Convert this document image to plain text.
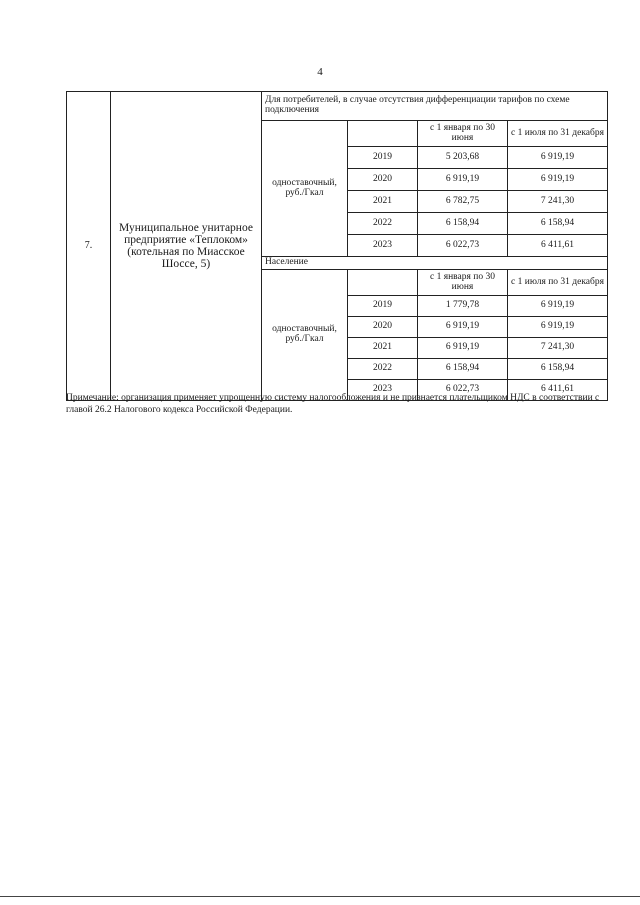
4
7.	Муниципальное унитарное предприятие «Теплоком» (котельная по Миасское Шоссе, 5)	Для потребителей, в случае отсутствия дифференциации тарифов по схеме подключения			
		одноставочный, руб./Гкал		с 1 января по 30 июня	с 1 июля по 31 декабря
			2019	5 203,68	6 919,19
			2020	6 919,19	6 919,19
			2021	6 782,75	7 241,30
			2022	6 158,94	6 158,94
			2023	6 022,73	6 411,61
		Население			
		одноставочный, руб./Гкал		с 1 января по 30 июня	с 1 июля по 31 декабря
			2019	1 779,78	6 919,19
			2020	6 919,19	6 919,19
			2021	6 919,19	7 241,30
			2022	6 158,94	6 158,94
			2023	6 022,73	6 411,61
Примечание: организация применяет упрощенную систему налогообложения и не признается плательщиком НДС в соответствии с главой 26.2 Налогового кодекса Российской Федерации.
